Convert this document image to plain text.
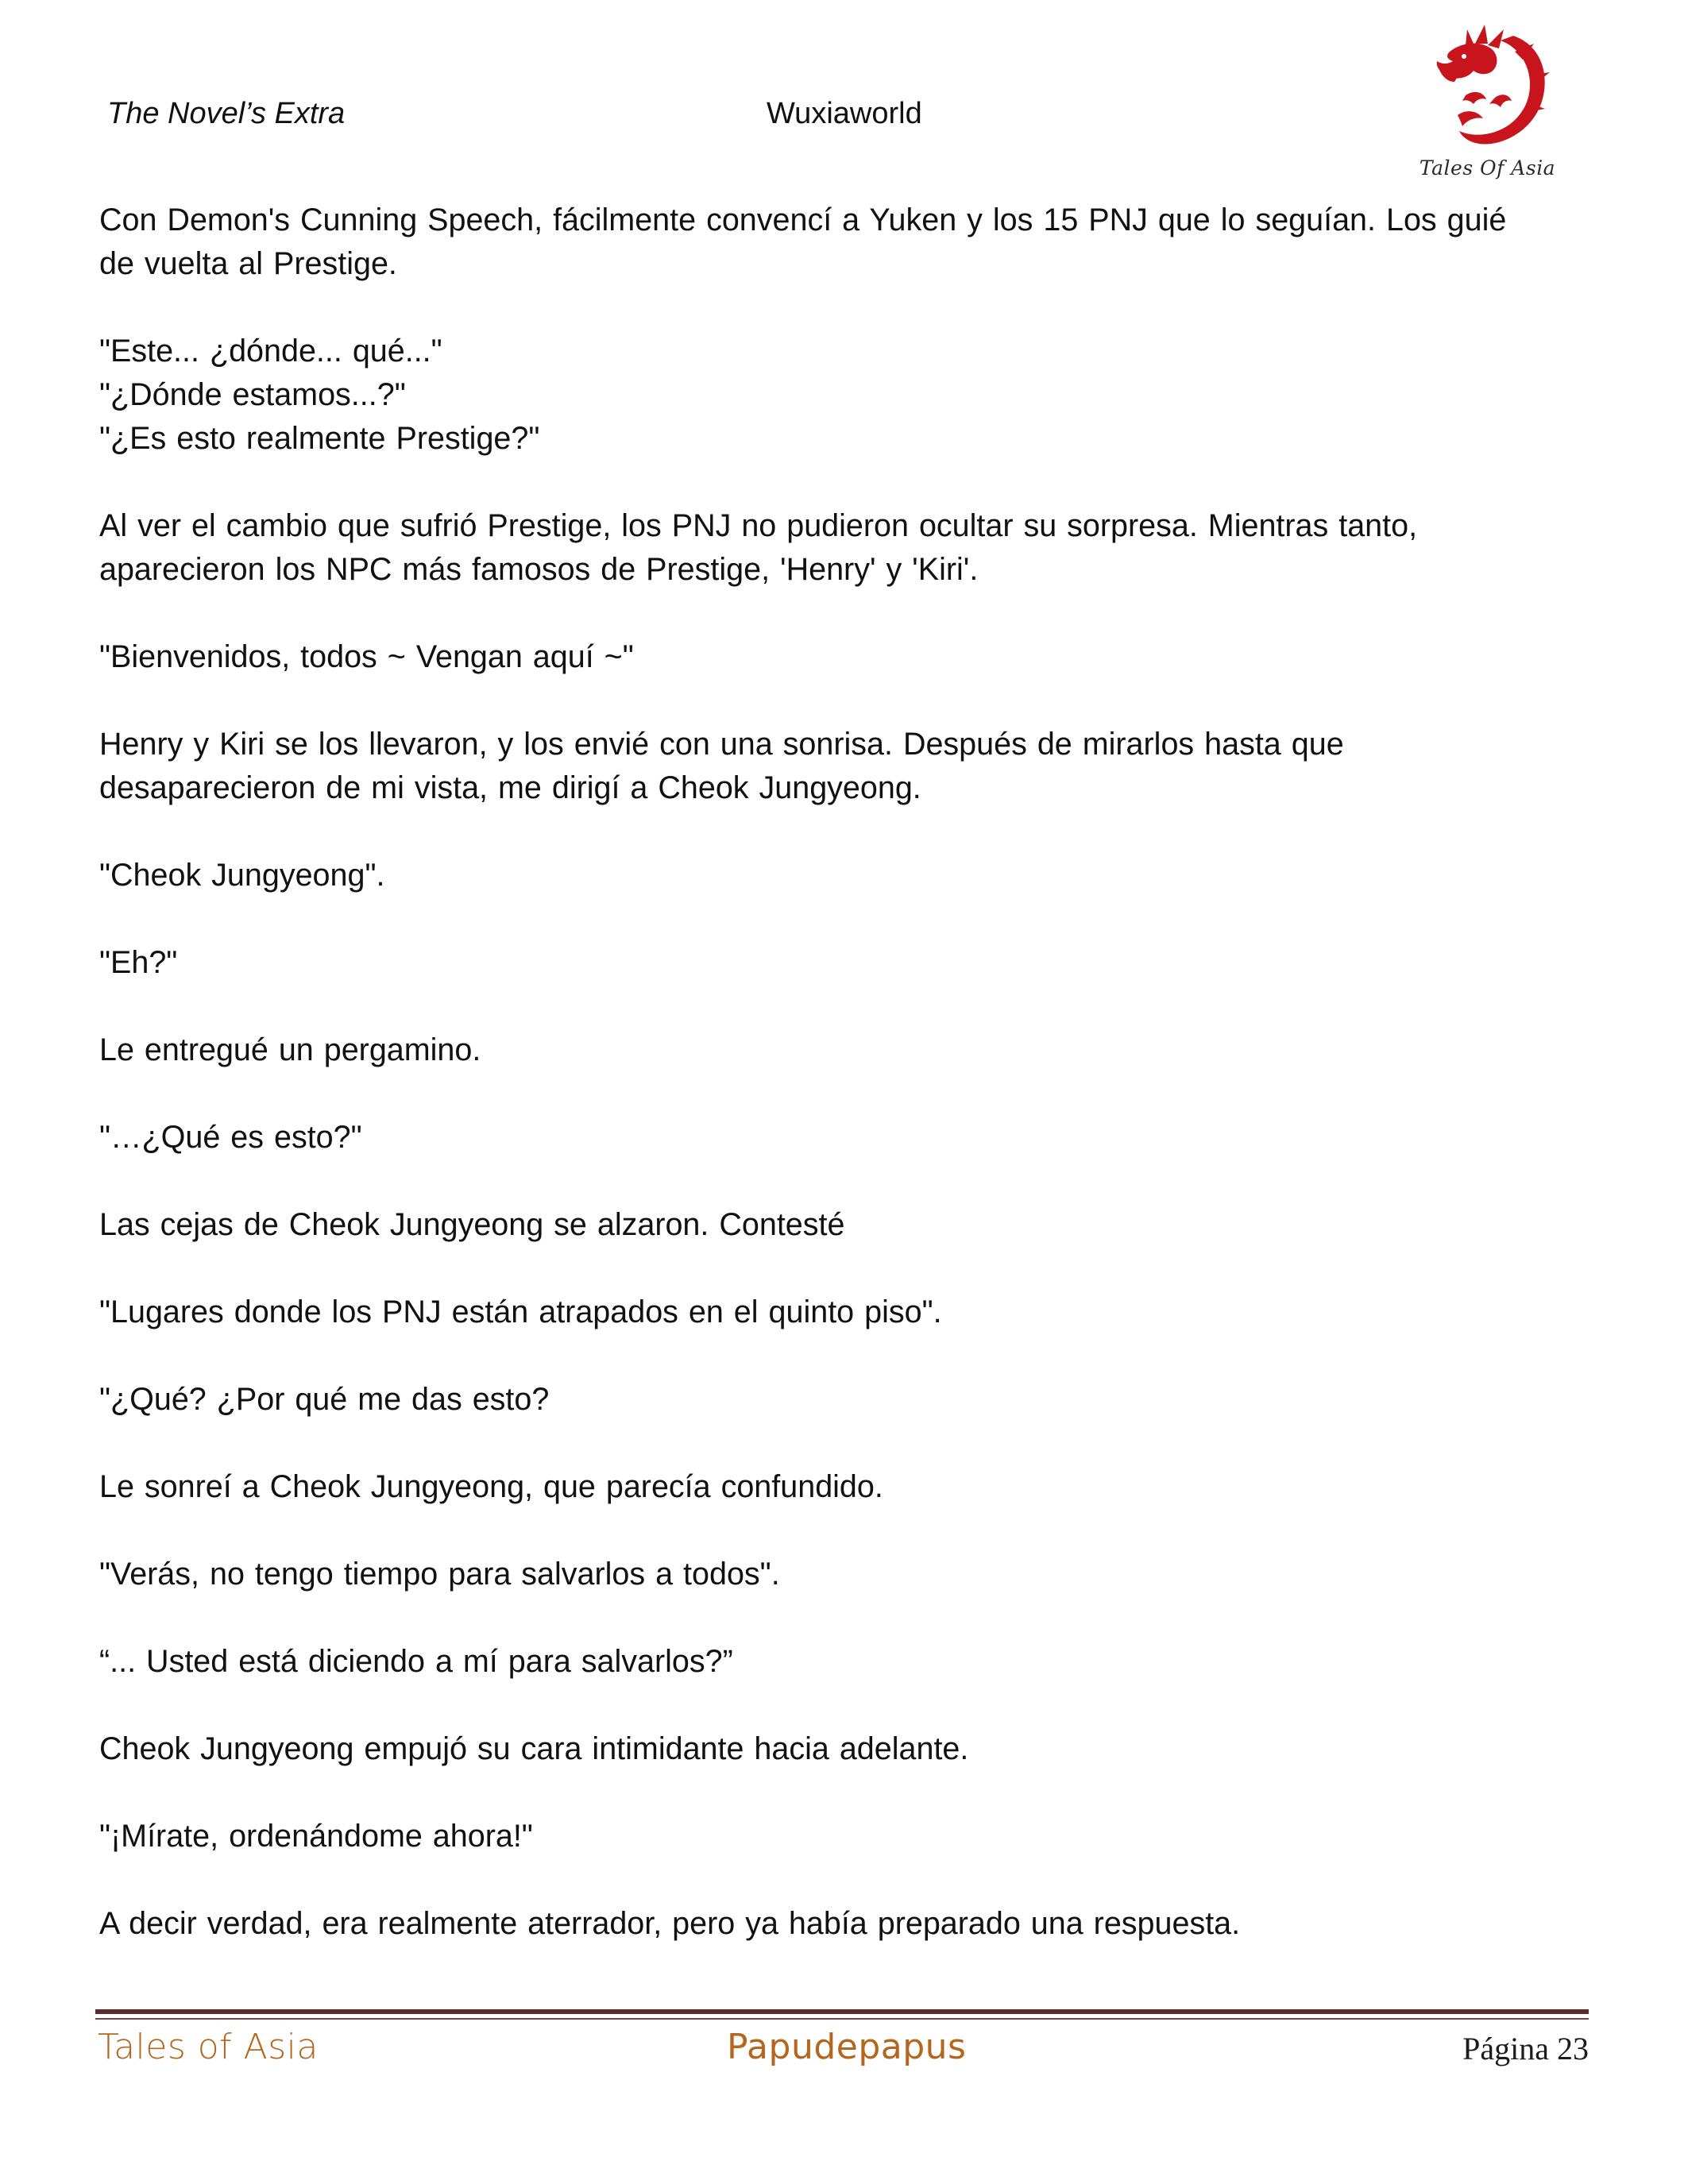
The Novel’s Extra	Wuxiaworld
Tales Of Asia

Con Demon's Cunning Speech, fácilmente convencí a Yuken y los 15 PNJ que lo seguían. Los guié
de vuelta al Prestige.

"Este... ¿dónde... qué..."
"¿Dónde estamos...?"
"¿Es esto realmente Prestige?"

Al ver el cambio que sufrió Prestige, los PNJ no pudieron ocultar su sorpresa. Mientras tanto,
aparecieron los NPC más famosos de Prestige, 'Henry' y 'Kiri'.

"Bienvenidos, todos ~ Vengan aquí ~"

Henry y Kiri se los llevaron, y los envié con una sonrisa. Después de mirarlos hasta que
desaparecieron de mi vista, me dirigí a Cheok Jungyeong.

"Cheok Jungyeong".

"Eh?"

Le entregué un pergamino.

"…¿Qué es esto?"

Las cejas de Cheok Jungyeong se alzaron. Contesté

"Lugares donde los PNJ están atrapados en el quinto piso".

"¿Qué? ¿Por qué me das esto?

Le sonreí a Cheok Jungyeong, que parecía confundido.

"Verás, no tengo tiempo para salvarlos a todos".

“... Usted está diciendo a mí para salvarlos?”

Cheok Jungyeong empujó su cara intimidante hacia adelante.

"¡Mírate, ordenándome ahora!"

A decir verdad, era realmente aterrador, pero ya había preparado una respuesta.

Tales of Asia	Papudepapus	Página 23
